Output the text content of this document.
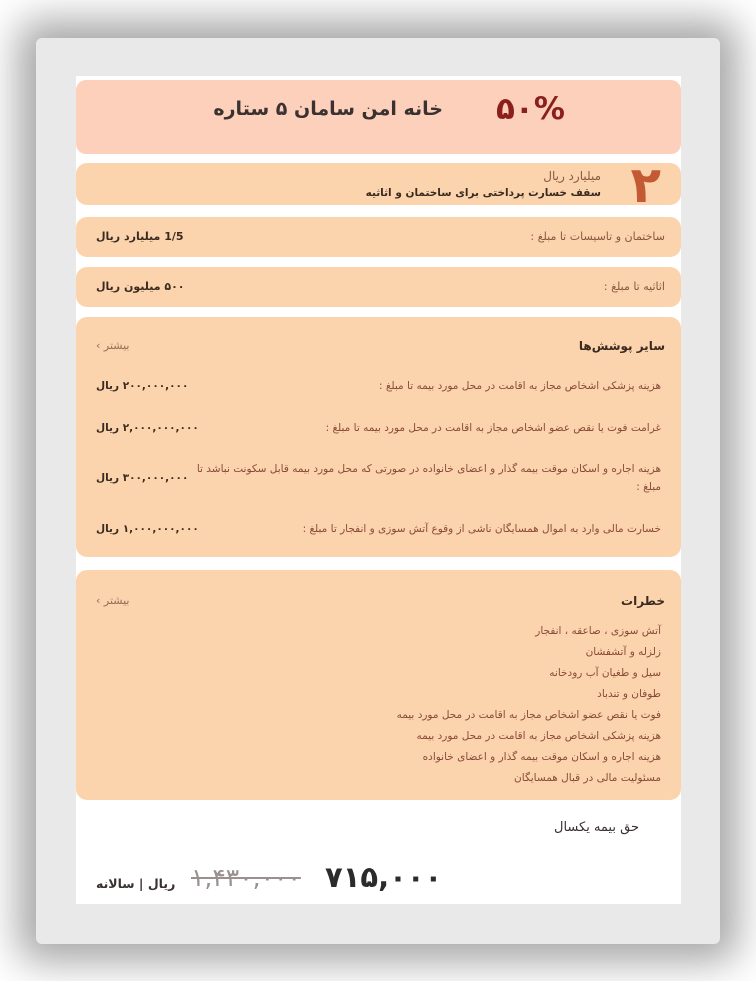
خانه امن سامان ۵ ستاره ۵۰%
۲
میلیارد ریال
سقف خسارت پرداختی برای ساختمان و اثاثیه
ساختمان و تاسیسات تا مبلغ :
1/5 میلیارد ریال
اثاثیه تا مبلغ :
۵۰۰ میلیون ریال
سایر پوشش‌ها
بیشتر ›
هزینه پزشکی اشخاص مجاز به اقامت در محل مورد بیمه تا مبلغ :
۲۰۰,۰۰۰,۰۰۰ ریال
غرامت فوت یا نقص عضو اشخاص مجاز به اقامت در محل مورد بیمه تا مبلغ :
۲,۰۰۰,۰۰۰,۰۰۰ ریال
هزینه اجاره و اسکان موقت بیمه گذار و اعضای خانواده در صورتی که محل مورد بیمه قابل سکونت نباشد تا مبلغ :
۳۰۰,۰۰۰,۰۰۰ ریال
خسارت مالی وارد به اموال همسایگان ناشی از وقوع آتش سوزی و انفجار تا مبلغ :
۱,۰۰۰,۰۰۰,۰۰۰ ریال
خطرات
بیشتر ›
آتش سوزی ، صاعقه ، انفجار
زلزله و آتشفشان
سیل و طغیان آب رودخانه
طوفان و تندباد
فوت یا نقص عضو اشخاص مجاز به اقامت در محل مورد بیمه
هزینه پزشکی اشخاص مجاز به اقامت در محل مورد بیمه
هزینه اجاره و اسکان موقت بیمه گذار و اعضای خانواده
مسئولیت مالی در قبال همسایگان
حق بیمه یکسال
ریال | سالانه ۱,۴۳۰,۰۰۰ ۷۱۵,۰۰۰
